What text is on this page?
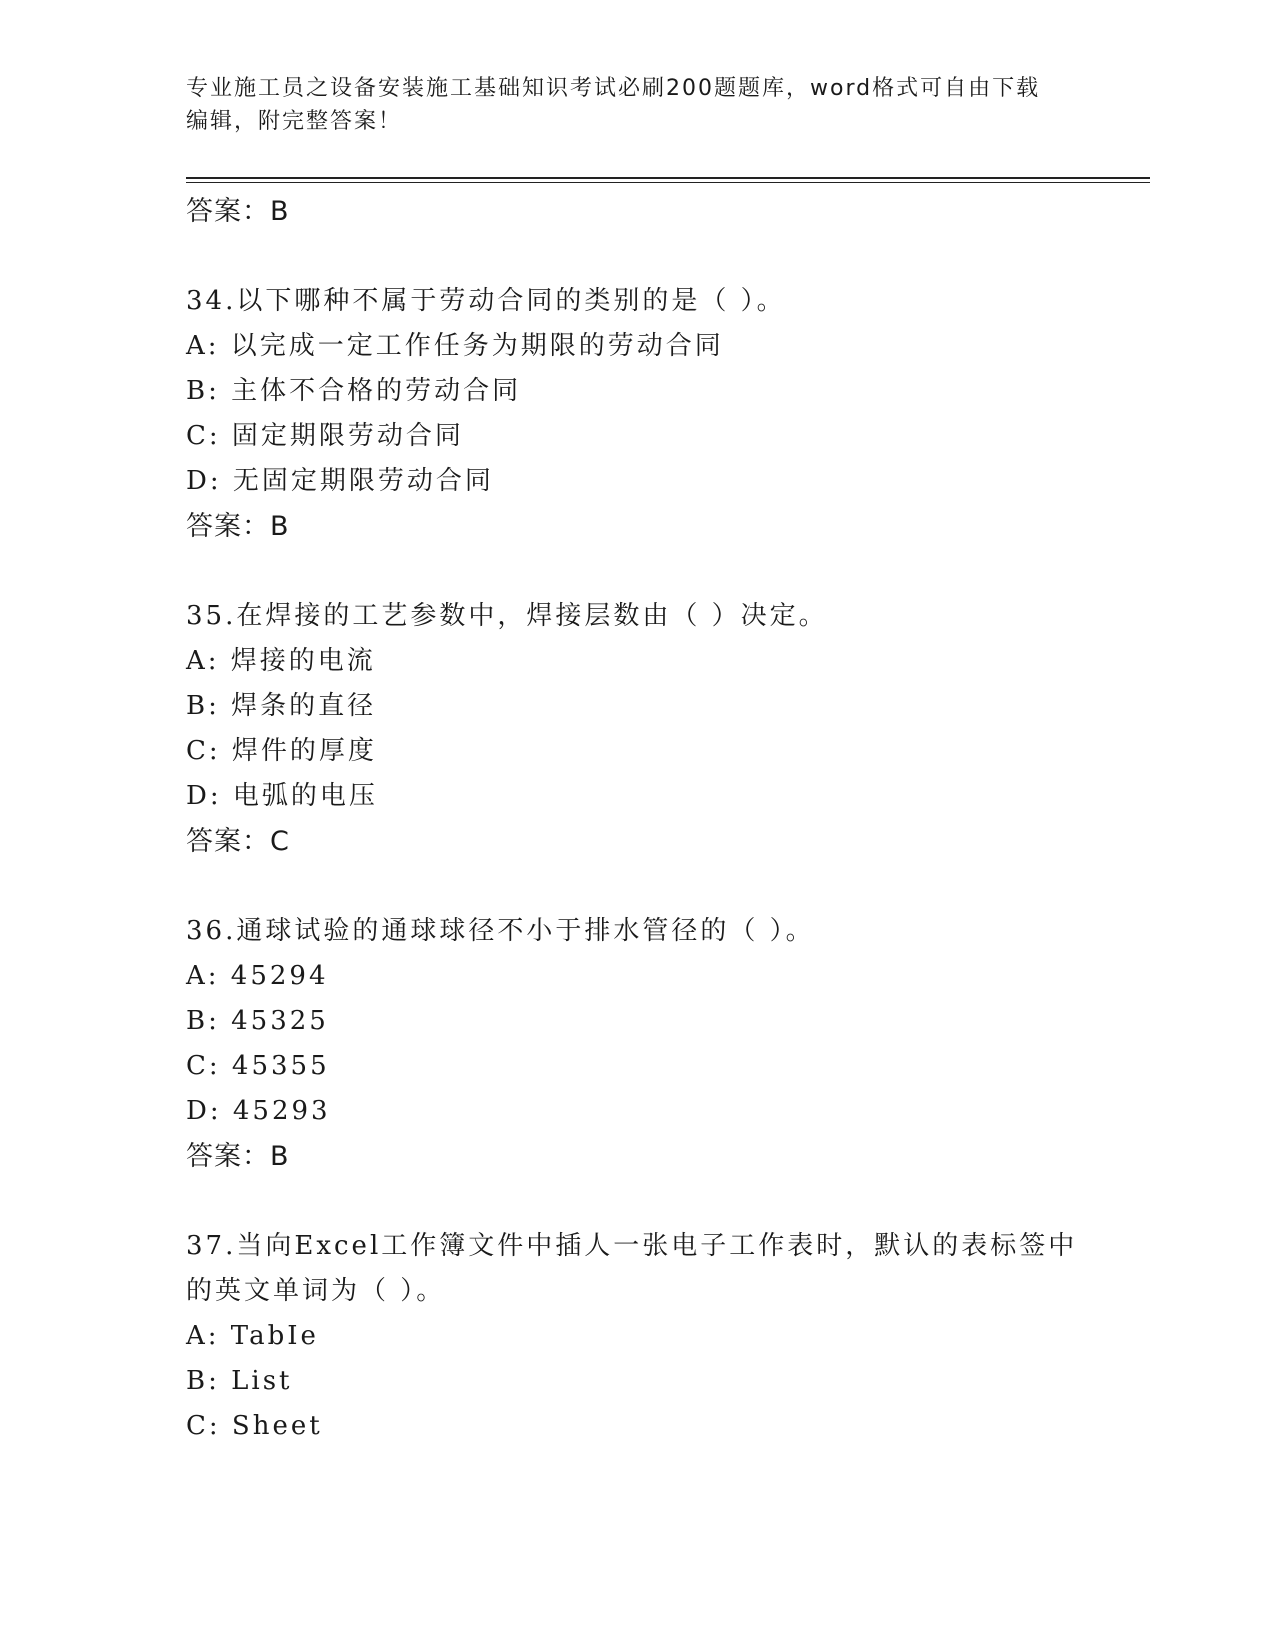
专业施工员之设备安装施工基础知识考试必刷200题题库，word格式可自由下载
编辑，附完整答案！
答案：B
34.以下哪种不属于劳动合同的类别的是（ ）。
A: 以完成一定工作任务为期限的劳动合同
B: 主体不合格的劳动合同
C: 固定期限劳动合同
D: 无固定期限劳动合同
答案：B
35.在焊接的工艺参数中，焊接层数由（ ）决定。
A: 焊接的电流
B: 焊条的直径
C: 焊件的厚度
D: 电弧的电压
答案：C
36.通球试验的通球球径不小于排水管径的（ ）。
A: 45294
B: 45325
C: 45355
D: 45293
答案：B
37.当向Excel工作簿文件中插人一张电子工作表时，默认的表标签中
的英文单词为（ ）。
A: TabIe
B: List
C: Sheet
